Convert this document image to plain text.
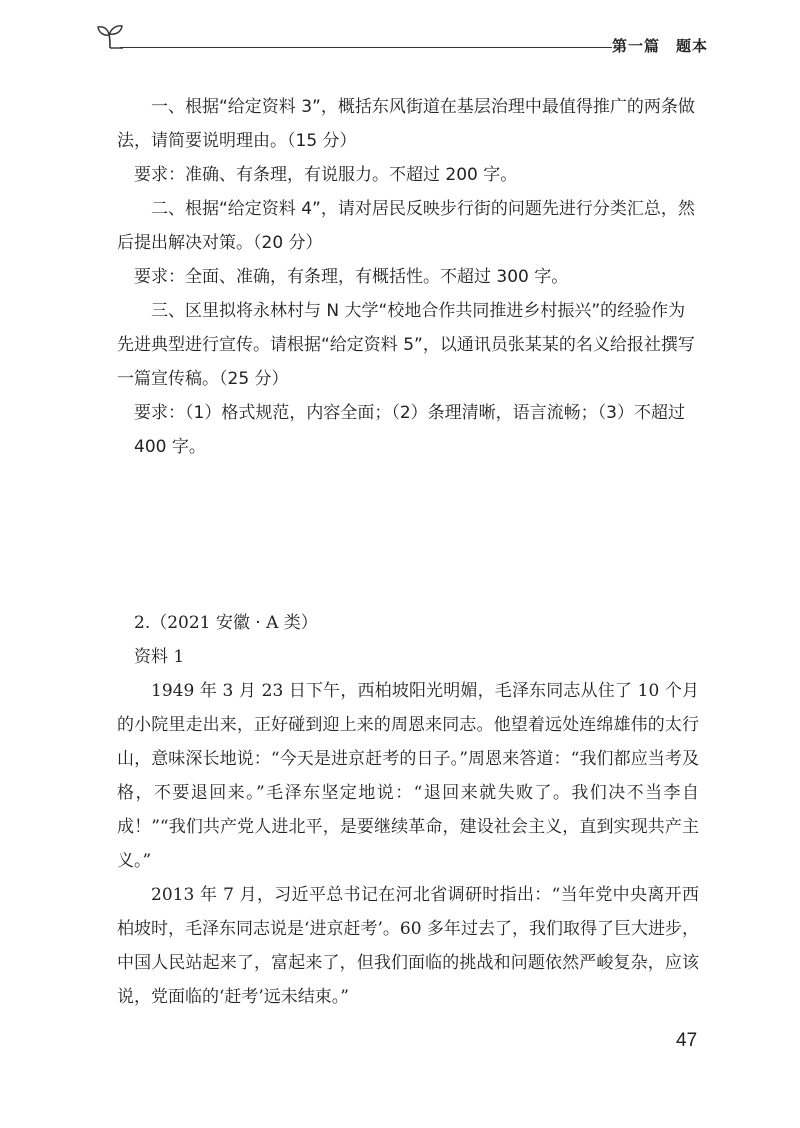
第一篇　题本

一、根据“给定资料 3”，概括东风街道在基层治理中最值得推广的两条做法，请简要说明理由。（15 分）

要求：准确、有条理，有说服力。不超过 200 字。

二、根据“给定资料 4”，请对居民反映步行街的问题先进行分类汇总，然后提出解决对策。（20 分）

要求：全面、准确，有条理，有概括性。不超过 300 字。

三、区里拟将永林村与 N 大学“校地合作共同推进乡村振兴”的经验作为先进典型进行宣传。请根据“给定资料 5”，以通讯员张某某的名义给报社撰写一篇宣传稿。（25 分）

要求：（1）格式规范，内容全面；（2）条理清晰，语言流畅；（3）不超过 400 字。

2.（2021 安徽 · A 类）

资料 1

1949 年 3 月 23 日下午，西柏坡阳光明媚，毛泽东同志从住了 10 个月的小院里走出来，正好碰到迎上来的周恩来同志。他望着远处连绵雄伟的太行山，意味深长地说：“今天是进京赶考的日子。”周恩来答道：“我们都应当考及格，不要退回来。”毛泽东坚定地说：“退回来就失败了。我们决不当李自成！”“我们共产党人进北平，是要继续革命，建设社会主义，直到实现共产主义。”

2013 年 7 月，习近平总书记在河北省调研时指出：“当年党中央离开西柏坡时，毛泽东同志说是‘进京赶考’。60 多年过去了，我们取得了巨大进步，中国人民站起来了，富起来了，但我们面临的挑战和问题依然严峻复杂，应该说，党面临的‘赶考’远未结束。”

47
